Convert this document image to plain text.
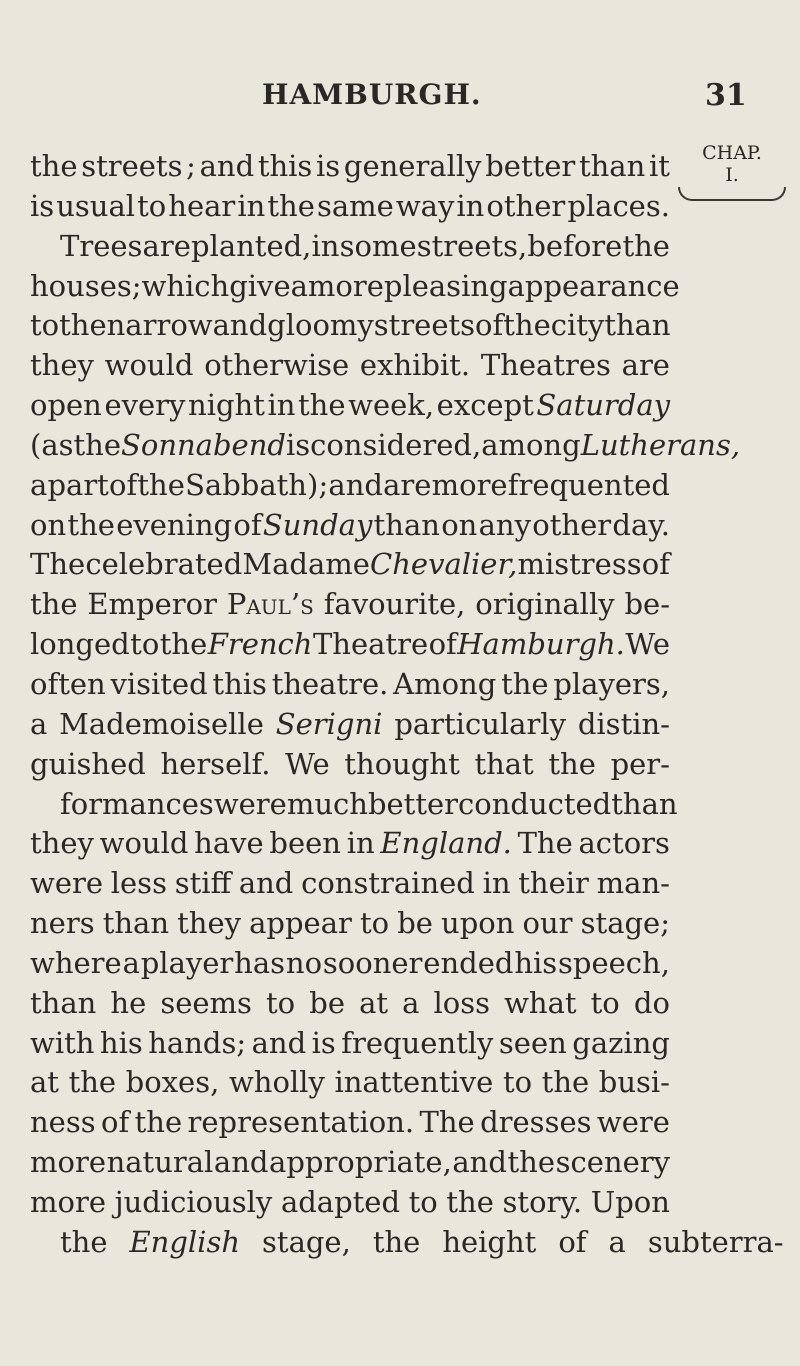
HAMBURGH.	31
CHAP.
I.
the streets ; and this is generally better than it
is usual to hear in the same way in other places.
Trees are planted, in some streets, before the
houses; which give a more pleasing appearance
to the narrow and gloomy streets of the city than
they would otherwise exhibit. Theatres are
open every night in the week, except Saturday
(as the Sonnabend is considered, among Lutherans,
a part of the Sabbath) ; and are more frequented
on the evening of Sunday than on any other day.
The celebrated Madame Chevalier, mistress of
the Emperor Paul’s favourite, originally be-
longed to the French Theatre of Hamburgh. We
often visited this theatre. Among the players,
a Mademoiselle Serigni particularly distin-
guished herself. We thought that the per-
formances were much better conducted than
they would have been in England. The actors
were less stiff and constrained in their man-
ners than they appear to be upon our stage;
where a player has no sooner ended his speech,
than he seems to be at a loss what to do
with his hands; and is frequently seen gazing
at the boxes, wholly inattentive to the busi-
ness of the representation. The dresses were
more natural and appropriate, and the scenery
more judiciously adapted to the story. Upon
the English stage, the height of a subterra-
